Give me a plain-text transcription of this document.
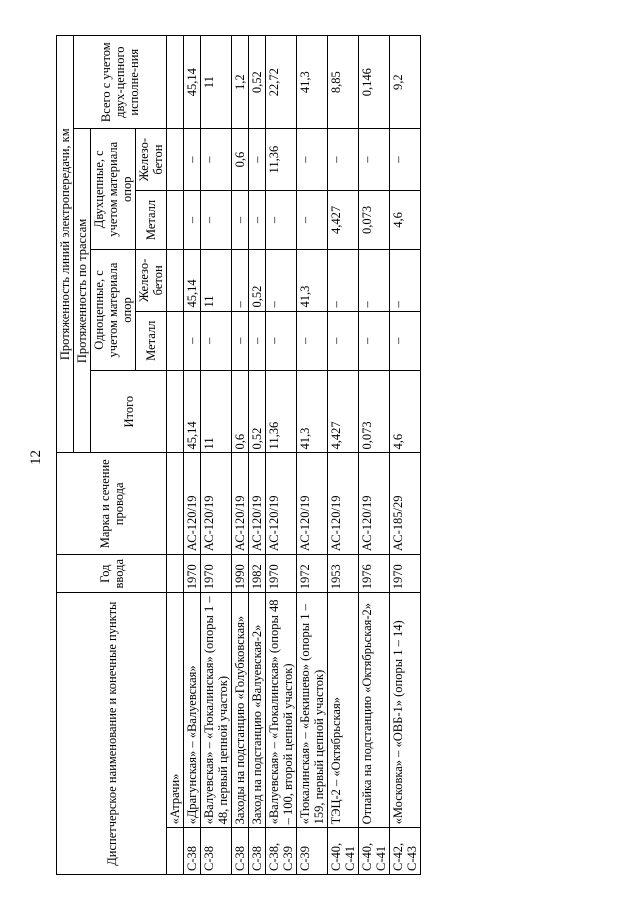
12
Диспетчерское наименование и конечные пункты		Год ввода	Марка и сечение провода	Протяженность линий электропередачи, км					
				Протяженность по трассам					Всего с учетом двух-цепного исполне-ния
				Итого	Одноцепные, с учетом материала опор		Двухцепные, с учетом материала опор		
					Металл	Железо-бетон	Металл	Железо-бетон	
	«Атрачи»								
С-38	«Драгунская» – «Валуевская»	1970	АС-120/19	45,14	–	45,14	–	–	45,14
С-38	«Валуевская» – «Тюкалинская» (опоры 1 – 48, первый цепной участок)	1970	АС-120/19	11	–	11	–	–	11
С-38	Заходы на подстанцию «Голубковская»	1990	АС-120/19	0,6	–	–	–	0,6	1,2
С-38	Заход на подстанцию «Валуевская-2»	1982	АС-120/19	0,52	–	0,52	–	–	0,52
С-38, С-39	«Валуевская» – «Тюкалинская» (опоры 48 – 100, второй цепной участок)	1970	АС-120/19	11,36	–	–	–	11,36	22,72
С-39	«Тюкалинская» – «Бекишево» (опоры 1 – 159, первый цепной участок)	1972	АС-120/19	41,3	–	41,3	–	–	41,3
С-40, С-41	ТЭЦ-2 – «Октябрьская»	1953	АС-120/19	4,427	–	–	4,427	–	8,85
С-40, С-41	Отпайка на подстанцию «Октябрьская-2»	1976	АС-120/19	0,073	–	–	0,073	–	0,146
С-42, С-43	«Московка» – «ОВБ-1» (опоры 1 – 14)	1970	АС-185/29	4,6	–	–	4,6	–	9,2
